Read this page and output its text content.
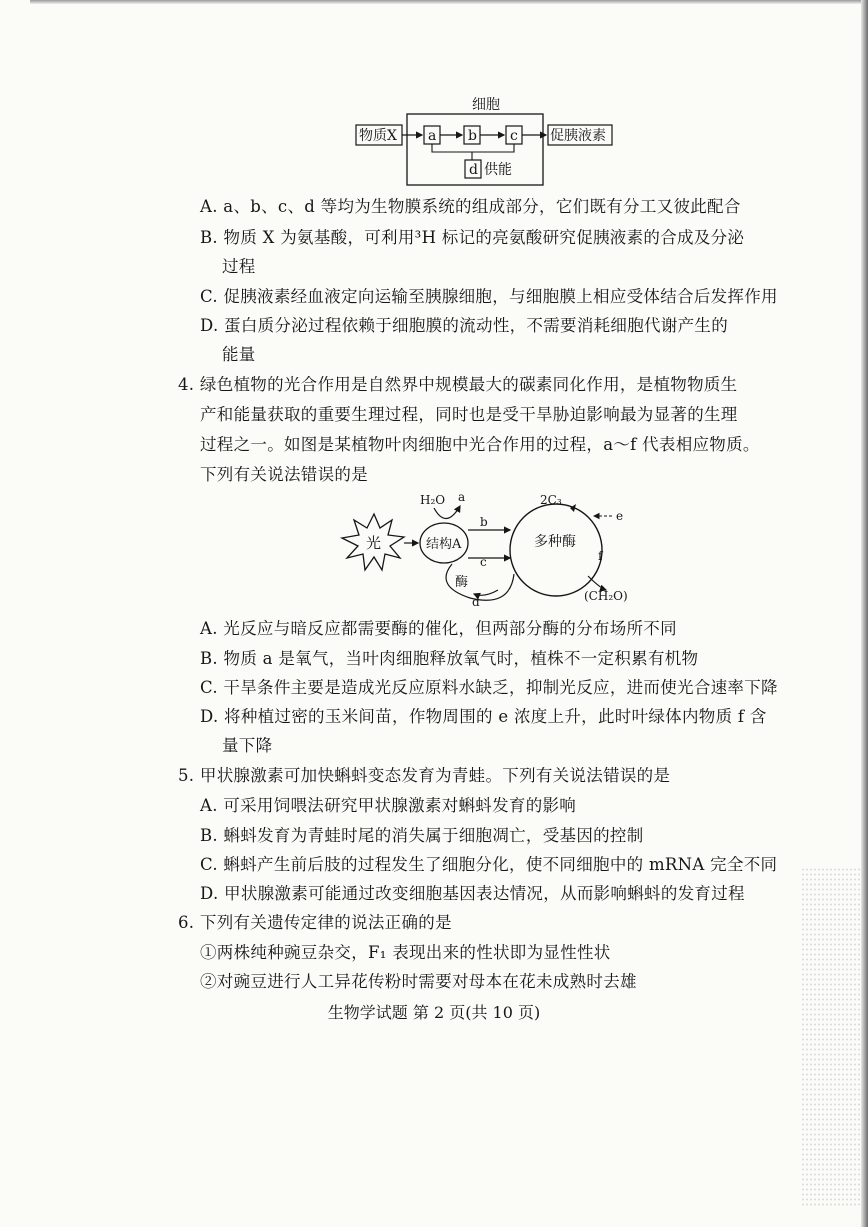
细胞
物质X a b c 促胰液素
d 供能
A. a、b、c、d 等均为生物膜系统的组成部分，它们既有分工又彼此配合
B. 物质 X 为氨基酸，可利用³H 标记的亮氨酸研究促胰液素的合成及分泌
过程
C. 促胰液素经血液定向运输至胰腺细胞，与细胞膜上相应受体结合后发挥作用
D. 蛋白质分泌过程依赖于细胞膜的流动性，不需要消耗细胞代谢产生的
能量
4. 绿色植物的光合作用是自然界中规模最大的碳素同化作用，是植物物质生
产和能量获取的重要生理过程，同时也是受干旱胁迫影响最为显著的生理
过程之一。如图是某植物叶肉细胞中光合作用的过程，a～f 代表相应物质。
下列有关说法错误的是
光	结构A
H₂O a
b
c
酶
d
多种酶
2C₃
e
f
(CH₂O)
A. 光反应与暗反应都需要酶的催化，但两部分酶的分布场所不同
B. 物质 a 是氧气，当叶肉细胞释放氧气时，植株不一定积累有机物
C. 干旱条件主要是造成光反应原料水缺乏，抑制光反应，进而使光合速率下降
D. 将种植过密的玉米间苗，作物周围的 e 浓度上升，此时叶绿体内物质 f 含
量下降
5. 甲状腺激素可加快蝌蚪变态发育为青蛙。下列有关说法错误的是
A. 可采用饲喂法研究甲状腺激素对蝌蚪发育的影响
B. 蝌蚪发育为青蛙时尾的消失属于细胞凋亡，受基因的控制
C. 蝌蚪产生前后肢的过程发生了细胞分化，使不同细胞中的 mRNA 完全不同
D. 甲状腺激素可能通过改变细胞基因表达情况，从而影响蝌蚪的发育过程
6. 下列有关遗传定律的说法正确的是
①两株纯种豌豆杂交，F₁ 表现出来的性状即为显性性状
②对豌豆进行人工异花传粉时需要对母本在花未成熟时去雄
生物学试题 第 2 页(共 10 页)
